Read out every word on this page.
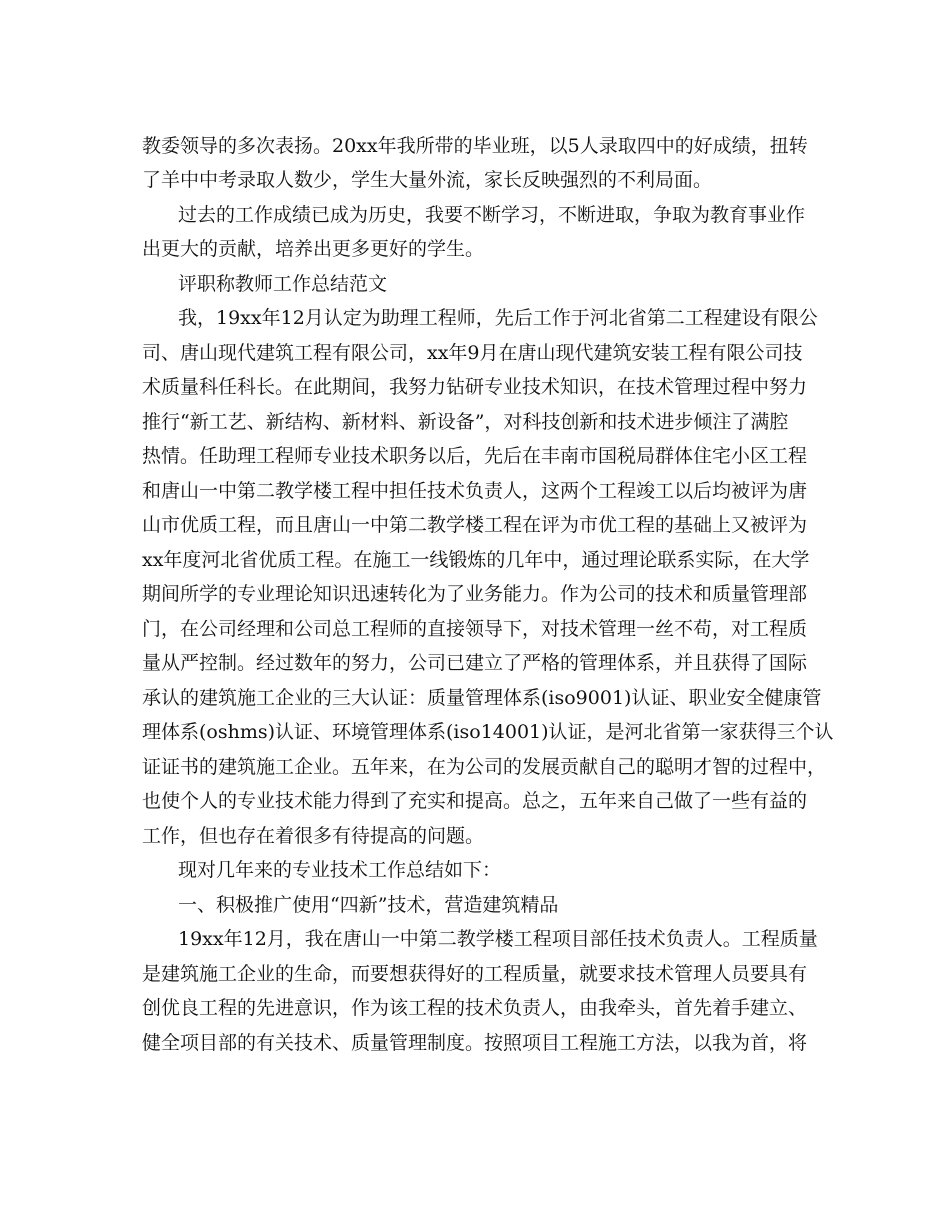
教委领导的多次表扬。20xx年我所带的毕业班，以5人录取四中的好成绩，扭转

了羊中中考录取人数少，学生大量外流，家长反映强烈的不利局面。

过去的工作成绩已成为历史，我要不断学习，不断进取，争取为教育事业作

出更大的贡献，培养出更多更好的学生。

评职称教师工作总结范文

我，19xx年12月认定为助理工程师，先后工作于河北省第二工程建设有限公

司、唐山现代建筑工程有限公司，xx年9月在唐山现代建筑安装工程有限公司技

术质量科任科长。在此期间，我努力钻研专业技术知识，在技术管理过程中努力

推行“新工艺、新结构、新材料、新设备”，对科技创新和技术进步倾注了满腔

热情。任助理工程师专业技术职务以后，先后在丰南市国税局群体住宅小区工程

和唐山一中第二教学楼工程中担任技术负责人，这两个工程竣工以后均被评为唐

山市优质工程，而且唐山一中第二教学楼工程在评为市优工程的基础上又被评为

xx年度河北省优质工程。在施工一线锻炼的几年中，通过理论联系实际，在大学

期间所学的专业理论知识迅速转化为了业务能力。作为公司的技术和质量管理部

门，在公司经理和公司总工程师的直接领导下，对技术管理一丝不苟，对工程质

量从严控制。经过数年的努力，公司已建立了严格的管理体系，并且获得了国际

承认的建筑施工企业的三大认证：质量管理体系(iso9001)认证、职业安全健康管

理体系(oshms)认证、环境管理体系(iso14001)认证，是河北省第一家获得三个认

证证书的建筑施工企业。五年来，在为公司的发展贡献自己的聪明才智的过程中，

也使个人的专业技术能力得到了充实和提高。总之，五年来自己做了一些有益的

工作，但也存在着很多有待提高的问题。

现对几年来的专业技术工作总结如下：

一、积极推广使用“四新”技术，营造建筑精品

19xx年12月，我在唐山一中第二教学楼工程项目部任技术负责人。工程质量

是建筑施工企业的生命，而要想获得好的工程质量，就要求技术管理人员要具有

创优良工程的先进意识，作为该工程的技术负责人，由我牵头，首先着手建立、

健全项目部的有关技术、质量管理制度。按照项目工程施工方法，以我为首，将
